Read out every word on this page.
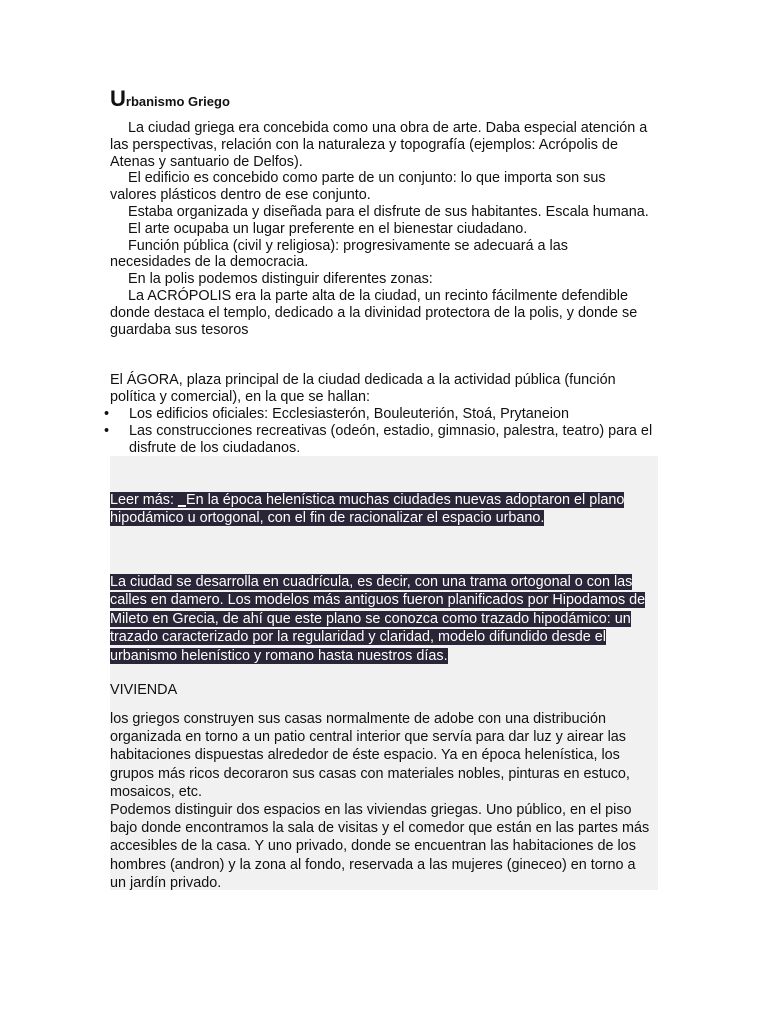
Urbanismo Griego

La ciudad griega era concebida como una obra de arte. Daba especial atención a las perspectivas, relación con la naturaleza y topografía (ejemplos: Acrópolis de Atenas y santuario de Delfos).

El edificio es concebido como parte de un conjunto: lo que importa son sus valores plásticos dentro de ese conjunto.

Estaba organizada y diseñada para el disfrute de sus habitantes. Escala humana.

El arte ocupaba un lugar preferente en el bienestar ciudadano.

Función pública (civil y religiosa): progresivamente se adecuará a las necesidades de la democracia.

En la polis podemos distinguir diferentes zonas:

La ACRÓPOLIS era la parte alta de la ciudad, un recinto fácilmente defendible donde destaca el templo, dedicado a la divinidad protectora de la polis, y donde se guardaba sus tesoros

El ÁGORA, plaza principal de la ciudad dedicada a la actividad pública (función política y comercial), en la que se hallan:
• Los edificios oficiales: Ecclesiasterón, Bouleuterión, Stoá, Prytaneion
• Las construcciones recreativas (odeón, estadio, gimnasio, palestra, teatro) para el disfrute de los ciudadanos.

Leer más: _En la época helenística muchas ciudades nuevas adoptaron el plano hipodámico u ortogonal, con el fin de racionalizar el espacio urbano.

La ciudad se desarrolla en cuadrícula, es decir, con una trama ortogonal o con las calles en damero. Los modelos más antiguos fueron planificados por Hipodamos de Mileto en Grecia, de ahí que este plano se conozca como trazado hipodámico: un trazado caracterizado por la regularidad y claridad, modelo difundido desde el urbanismo helenístico y romano hasta nuestros días.

VIVIENDA

los griegos construyen sus casas normalmente de adobe con una distribución organizada en torno a un patio central interior que servía para dar luz y airear las habitaciones dispuestas alrededor de éste espacio. Ya en época helenística, los grupos más ricos decoraron sus casas con materiales nobles, pinturas en estuco, mosaicos, etc.

Podemos distinguir dos espacios en las viviendas griegas. Uno público, en el piso bajo donde encontramos la sala de visitas y el comedor que están en las partes más accesibles de la casa. Y uno privado, donde se encuentran las habitaciones de los hombres (andron) y la zona al fondo, reservada a las mujeres (gineceo) en torno a un jardín privado.
